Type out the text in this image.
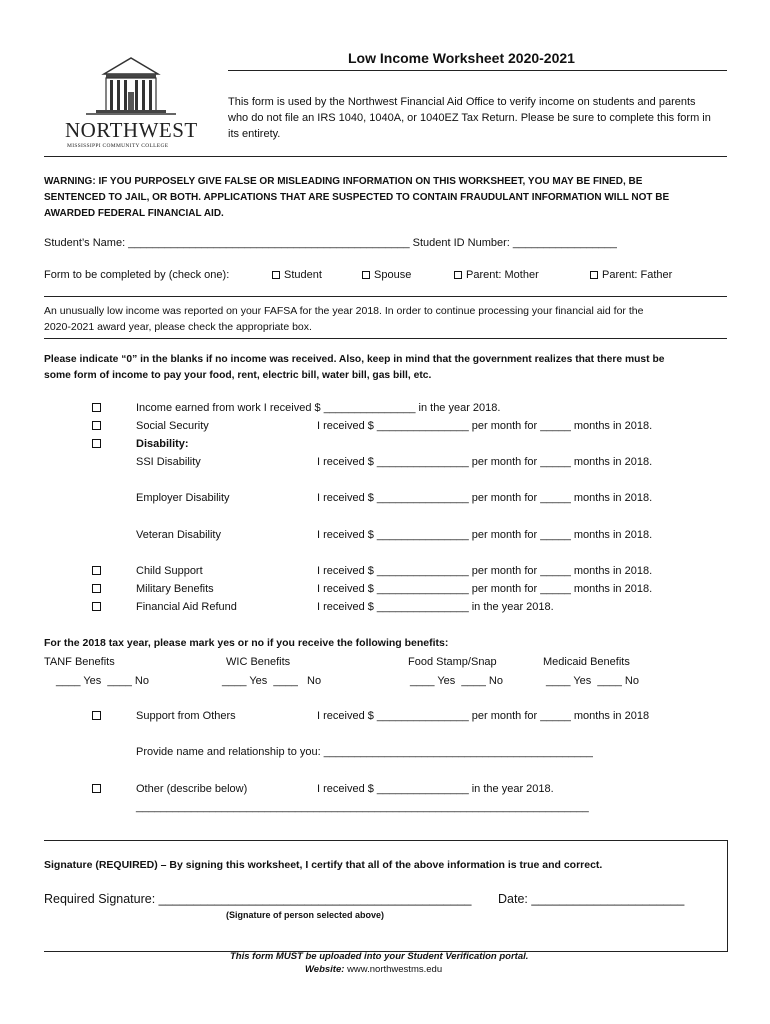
NORTHWEST
MISSISSIPPI COMMUNITY COLLEGE
Low Income Worksheet 2020-2021
This form is used by the Northwest Financial Aid Office to verify income on students and parents
who do not file an IRS 1040, 1040A, or 1040EZ Tax Return. Please be sure to complete this form in
its entirety.
WARNING: IF YOU PURPOSELY GIVE FALSE OR MISLEADING INFORMATION ON THIS WORKSHEET, YOU MAY BE FINED, BE
SENTENCED TO JAIL, OR BOTH. APPLICATIONS THAT ARE SUSPECTED TO CONTAIN FRAUDULANT INFORMATION WILL NOT BE
AWARDED FEDERAL FINANCIAL AID.
Student’s Name: ______________________________________________ Student ID Number: _________________
Form to be completed by (check one):	Student	Spouse	Parent: Mother	Parent: Father
An unusually low income was reported on your FAFSA for the year 2018. In order to continue processing your financial aid for the
2020-2021 award year, please check the appropriate box.
Please indicate “0” in the blanks if no income was received. Also, keep in mind that the government realizes that there must be
some form of income to pay your food, rent, electric bill, water bill, gas bill, etc.
Income earned from work I received $ _______________ in the year 2018.
Social Security	I received $ _______________ per month for _____ months in 2018.
Disability:
SSI Disability	I received $ _______________ per month for _____ months in 2018.
Employer Disability	I received $ _______________ per month for _____ months in 2018.
Veteran Disability	I received $ _______________ per month for _____ months in 2018.
Child Support	I received $ _______________ per month for _____ months in 2018.
Military Benefits	I received $ _______________ per month for _____ months in 2018.
Financial Aid Refund	I received $ _______________ in the year 2018.
For the 2018 tax year, please mark yes or no if you receive the following benefits:
TANF Benefits	WIC Benefits	Food Stamp/Snap	Medicaid Benefits
____ Yes  ____ No	____ Yes  ____   No	____ Yes  ____ No	____ Yes  ____ No
Support from Others	I received $ _______________ per month for _____ months in 2018
Provide name and relationship to you: ____________________________________________
Other (describe below)	I received $ _______________ in the year 2018.
__________________________________________________________________________
Signature (REQUIRED) – By signing this worksheet, I certify that all of the above information is true and correct.
Required Signature: _____________________________________________ Date: ______________________
(Signature of person selected above)
This form MUST be uploaded into your Student Verification portal.
Website: www.northwestms.edu
